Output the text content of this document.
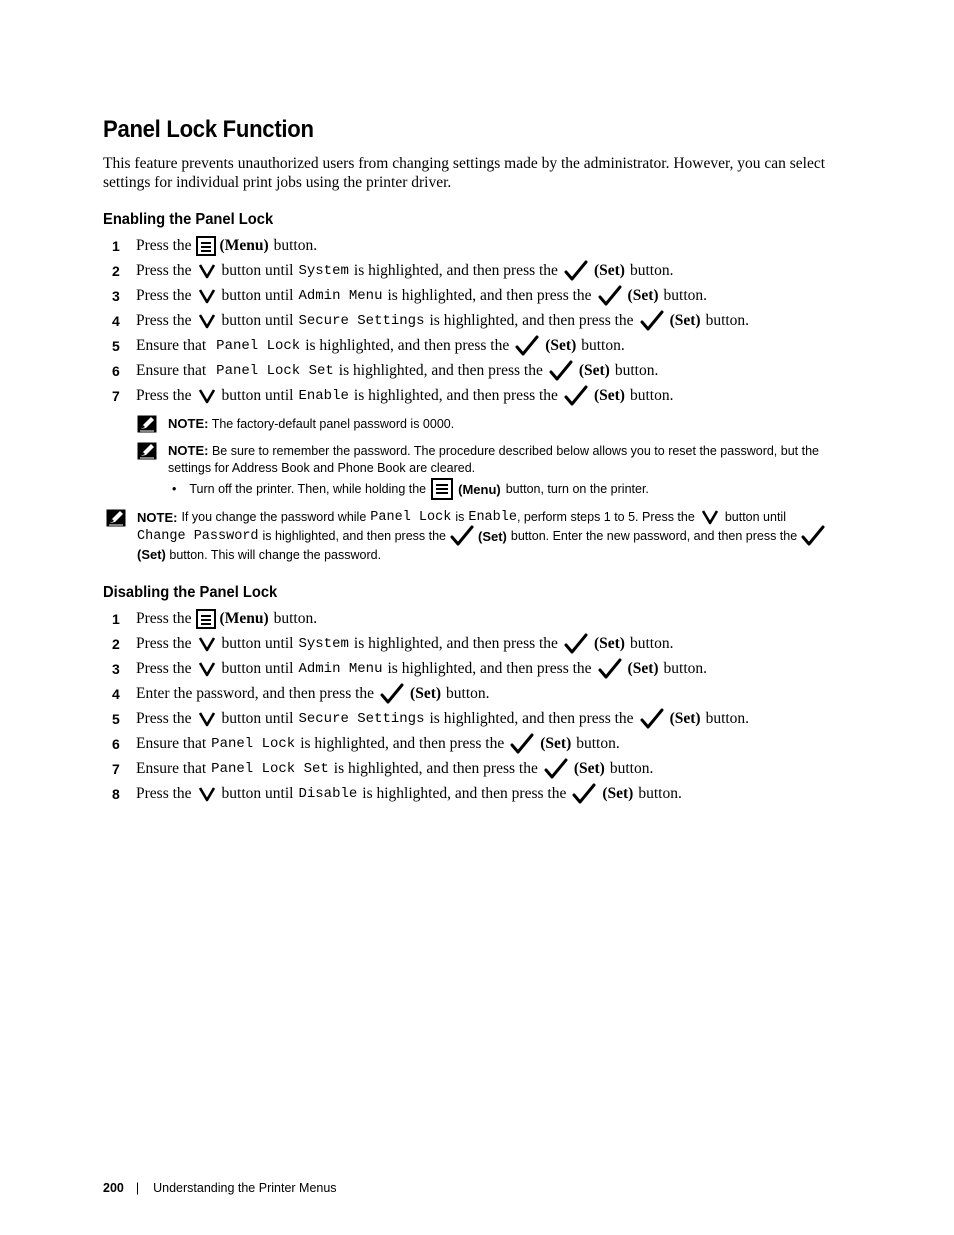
Panel Lock Function

This feature prevents unauthorized users from changing settings made by the administrator. However, you can select settings for individual print jobs using the printer driver.

Enabling the Panel Lock
1	Press the (Menu) button.
2	Press the button until System is highlighted, and then press the (Set) button.
3	Press the button until Admin Menu is highlighted, and then press the (Set) button.
4	Press the button until Secure Settings is highlighted, and then press the (Set) button.
5	Ensure that Panel Lock is highlighted, and then press the (Set) button.
6	Ensure that Panel Lock Set is highlighted, and then press the (Set) button.
7	Press the button until Enable is highlighted, and then press the (Set) button.
NOTE: The factory-default panel password is 0000.
NOTE: Be sure to remember the password. The procedure described below allows you to reset the password, but the settings for Address Book and Phone Book are cleared.
• Turn off the printer. Then, while holding the (Menu) button, turn on the printer.
NOTE: If you change the password while Panel Lock is Enable , perform steps 1 to 5. Press the button until
Change Password is highlighted, and then press the (Set) button. Enter the new password, and then press the
(Set) button. This will change the password.
Disabling the Panel Lock
1	Press the (Menu) button.
2	Press the button until System is highlighted, and then press the (Set) button.
3	Press the button until Admin Menu is highlighted, and then press the (Set) button.
4	Enter the password, and then press the (Set) button.
5	Press the button until Secure Settings is highlighted, and then press the (Set) button.
6	Ensure that Panel Lock is highlighted, and then press the (Set) button.
7	Ensure that Panel Lock Set is highlighted, and then press the (Set) button.
8	Press the button until Disable is highlighted, and then press the (Set) button.
200 | Understanding the Printer Menus
